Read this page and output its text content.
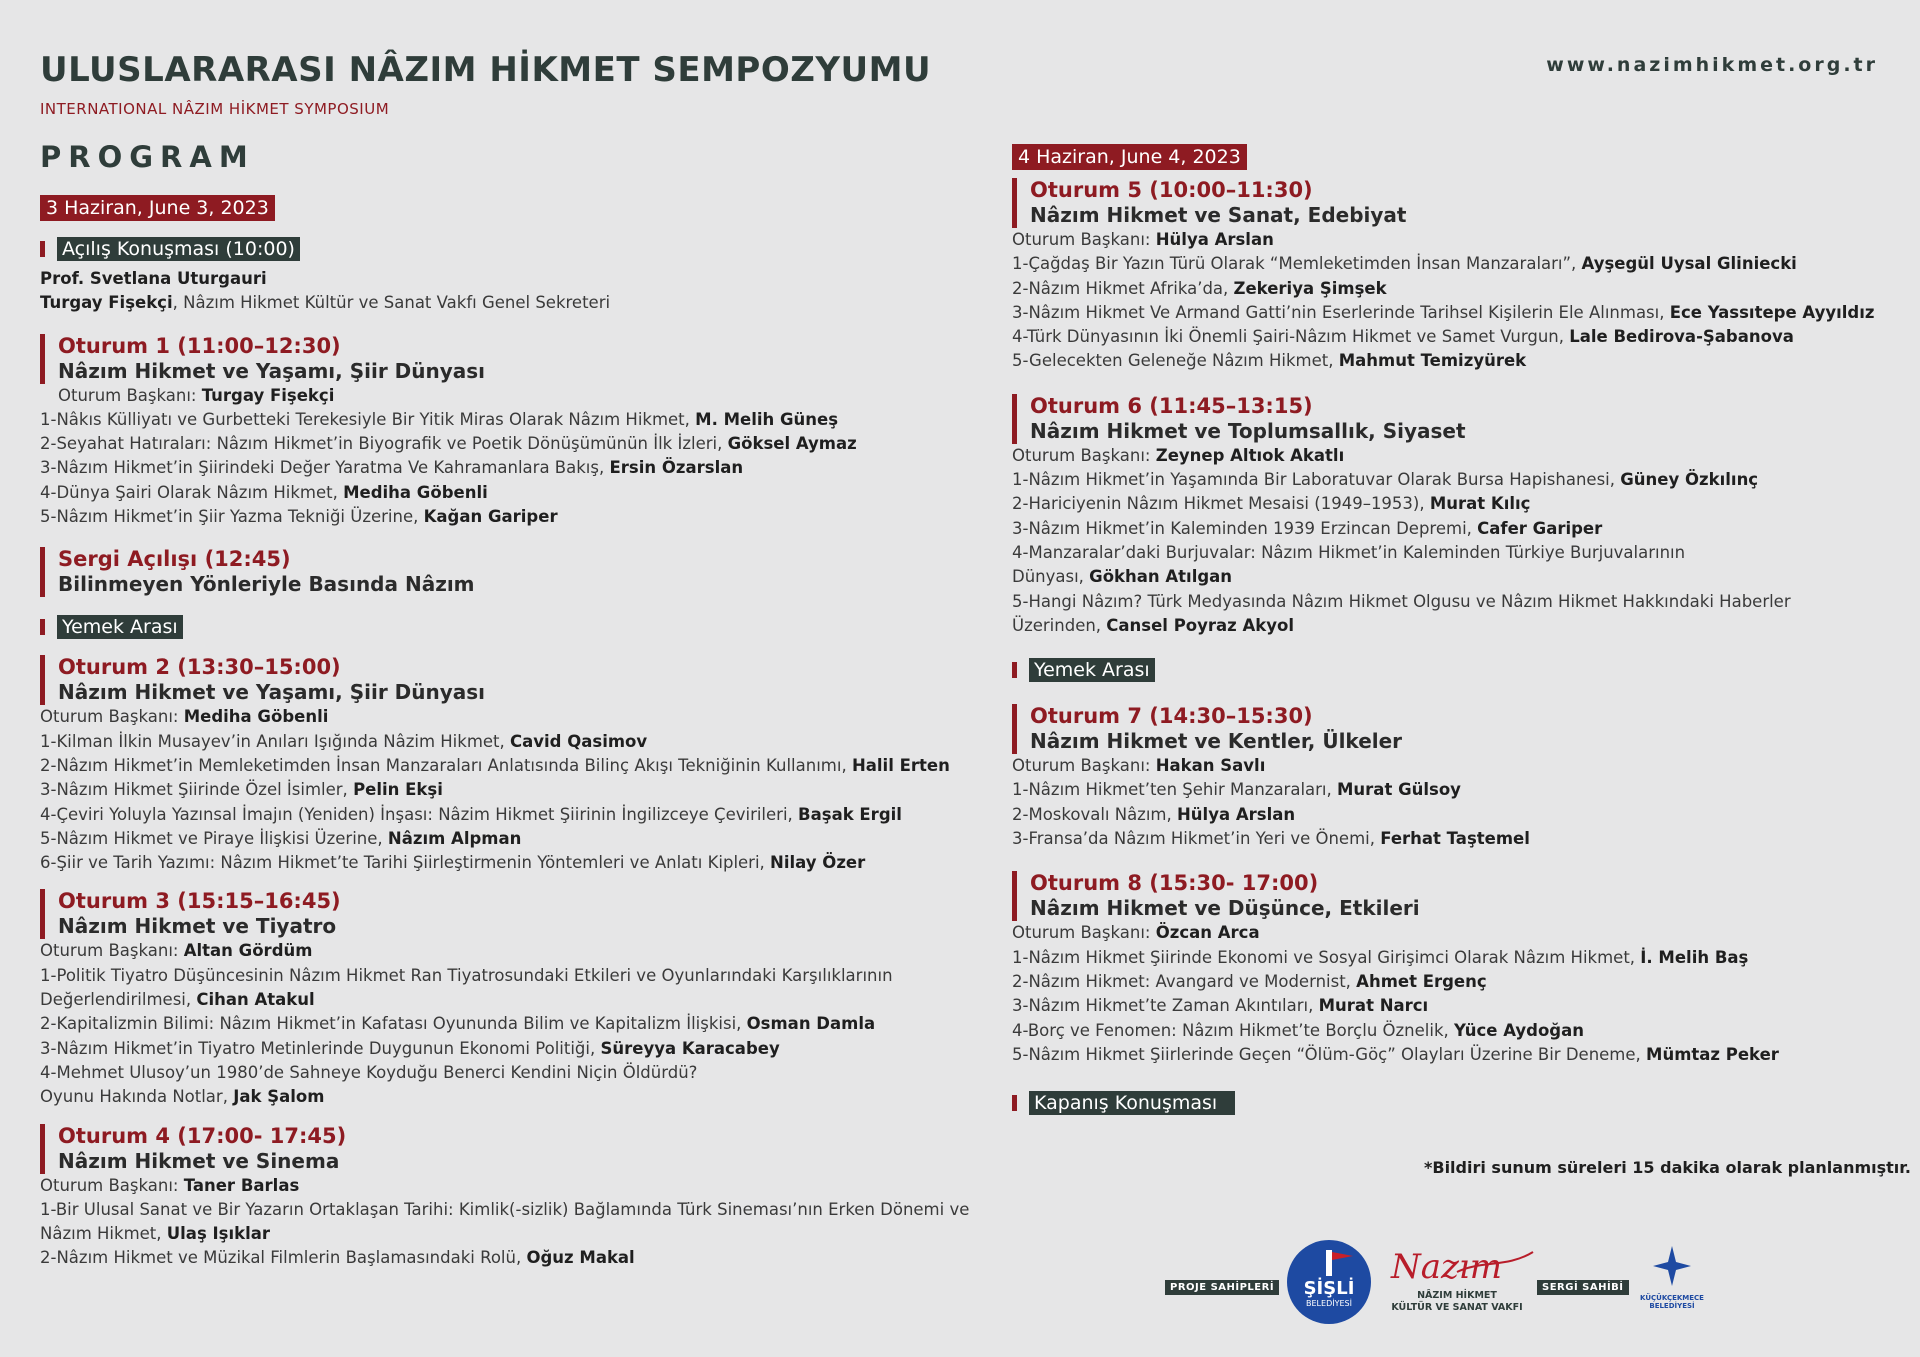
ULUSLARARASI NÂZIM HİKMET SEMPOZYUMU
INTERNATIONAL NÂZIM HİKMET SYMPOSIUM
www.nazimhikmet.org.tr
PROGRAM
3 Haziran, June 3, 2023
Açılış Konuşması (10:00)
Prof. Svetlana Uturgauri
Turgay Fişekçi, Nâzım Hikmet Kültür ve Sanat Vakfı Genel Sekreteri
Oturum 1 (11:00–12:30)
Nâzım Hikmet ve Yaşamı, Şiir Dünyası
Oturum Başkanı: Turgay Fişekçi
1-Nâkıs Külliyatı ve Gurbetteki Terekesiyle Bir Yitik Miras Olarak Nâzım Hikmet, M. Melih Güneş
2-Seyahat Hatıraları: Nâzım Hikmet’in Biyografik ve Poetik Dönüşümünün İlk İzleri, Göksel Aymaz
3-Nâzım Hikmet’in Şiirindeki Değer Yaratma Ve Kahramanlara Bakış, Ersin Özarslan
4-Dünya Şairi Olarak Nâzım Hikmet, Mediha Göbenli
5-Nâzım Hikmet’in Şiir Yazma Tekniği Üzerine, Kağan Gariper
Sergi Açılışı (12:45)
Bilinmeyen Yönleriyle Basında Nâzım
Yemek Arası
Oturum 2 (13:30–15:00)
Nâzım Hikmet ve Yaşamı, Şiir Dünyası
Oturum Başkanı: Mediha Göbenli
1-Kilman İlkin Musayev’in Anıları Işığında Nâzim Hikmet, Cavid Qasimov
2-Nâzım Hikmet’in Memleketimden İnsan Manzaraları Anlatısında Bilinç Akışı Tekniğinin Kullanımı, Halil Erten
3-Nâzım Hikmet Şiirinde Özel İsimler, Pelin Ekşi
4-Çeviri Yoluyla Yazınsal İmajın (Yeniden) İnşası: Nâzim Hikmet Şiirinin İngilizceye Çevirileri, Başak Ergil
5-Nâzım Hikmet ve Piraye İlişkisi Üzerine, Nâzım Alpman
6-Şiir ve Tarih Yazımı: Nâzım Hikmet’te Tarihi Şiirleştirmenin Yöntemleri ve Anlatı Kipleri, Nilay Özer
Oturum 3 (15:15–16:45)
Nâzım Hikmet ve Tiyatro
Oturum Başkanı: Altan Gördüm
1-Politik Tiyatro Düşüncesinin Nâzım Hikmet Ran Tiyatrosundaki Etkileri ve Oyunlarındaki Karşılıklarının
Değerlendirilmesi, Cihan Atakul
2-Kapitalizmin Bilimi: Nâzım Hikmet’in Kafatası Oyununda Bilim ve Kapitalizm İlişkisi, Osman Damla
3-Nâzım Hikmet’in Tiyatro Metinlerinde Duygunun Ekonomi Politiği, Süreyya Karacabey
4-Mehmet Ulusoy’un 1980’de Sahneye Koyduğu Benerci Kendini Niçin Öldürdü?
Oyunu Hakında Notlar, Jak Şalom
Oturum 4 (17:00- 17:45)
Nâzım Hikmet ve Sinema
Oturum Başkanı: Taner Barlas
1-Bir Ulusal Sanat ve Bir Yazarın Ortaklaşan Tarihi: Kimlik(-sizlik) Bağlamında Türk Sineması’nın Erken Dönemi ve
Nâzım Hikmet, Ulaş Işıklar
2-Nâzım Hikmet ve Müzikal Filmlerin Başlamasındaki Rolü, Oğuz Makal
4 Haziran, June 4, 2023
Oturum 5 (10:00–11:30)
Nâzım Hikmet ve Sanat, Edebiyat
Oturum Başkanı: Hülya Arslan
1-Çağdaş Bir Yazın Türü Olarak “Memleketimden İnsan Manzaraları”, Ayşegül Uysal Gliniecki
2-Nâzım Hikmet Afrika’da, Zekeriya Şimşek
3-Nâzım Hikmet Ve Armand Gatti’nin Eserlerinde Tarihsel Kişilerin Ele Alınması, Ece Yassıtepe Ayyıldız
4-Türk Dünyasının İki Önemli Şairi-Nâzım Hikmet ve Samet Vurgun, Lale Bedirova-Şabanova
5-Gelecekten Geleneğe Nâzım Hikmet, Mahmut Temizyürek
Oturum 6 (11:45–13:15)
Nâzım Hikmet ve Toplumsallık, Siyaset
Oturum Başkanı: Zeynep Altıok Akatlı
1-Nâzım Hikmet’in Yaşamında Bir Laboratuvar Olarak Bursa Hapishanesi, Güney Özkılınç
2-Hariciyenin Nâzım Hikmet Mesaisi (1949–1953), Murat Kılıç
3-Nâzım Hikmet’in Kaleminden 1939 Erzincan Depremi, Cafer Gariper
4-Manzaralar’daki Burjuvalar: Nâzım Hikmet’in Kaleminden Türkiye Burjuvalarının
Dünyası, Gökhan Atılgan
5-Hangi Nâzım? Türk Medyasında Nâzım Hikmet Olgusu ve Nâzım Hikmet Hakkındaki Haberler
Üzerinden, Cansel Poyraz Akyol
Yemek Arası
Oturum 7 (14:30–15:30)
Nâzım Hikmet ve Kentler, Ülkeler
Oturum Başkanı: Hakan Savlı
1-Nâzım Hikmet’ten Şehir Manzaraları, Murat Gülsoy
2-Moskovalı Nâzım, Hülya Arslan
3-Fransa’da Nâzım Hikmet’in Yeri ve Önemi, Ferhat Taştemel
Oturum 8 (15:30- 17:00)
Nâzım Hikmet ve Düşünce, Etkileri
Oturum Başkanı: Özcan Arca
1-Nâzım Hikmet Şiirinde Ekonomi ve Sosyal Girişimci Olarak Nâzım Hikmet, İ. Melih Baş
2-Nâzım Hikmet: Avangard ve Modernist, Ahmet Ergenç
3-Nâzım Hikmet’te Zaman Akıntıları, Murat Narcı
4-Borç ve Fenomen: Nâzım Hikmet’te Borçlu Öznelik, Yüce Aydoğan
5-Nâzım Hikmet Şiirlerinde Geçen “Ölüm-Göç” Olayları Üzerine Bir Deneme, Mümtaz Peker
Kapanış Konuşması
*Bildiri sunum süreleri 15 dakika olarak planlanmıştır.
PROJE SAHİPLERİ	ŞİŞLİ
BELEDİYESİ
Nazım
NÂZIM HİKMET
KÜLTÜR VE SANAT VAKFI
SERGİ SAHİBİ
KÜÇÜKÇEKMECE
BELEDİYESİ
